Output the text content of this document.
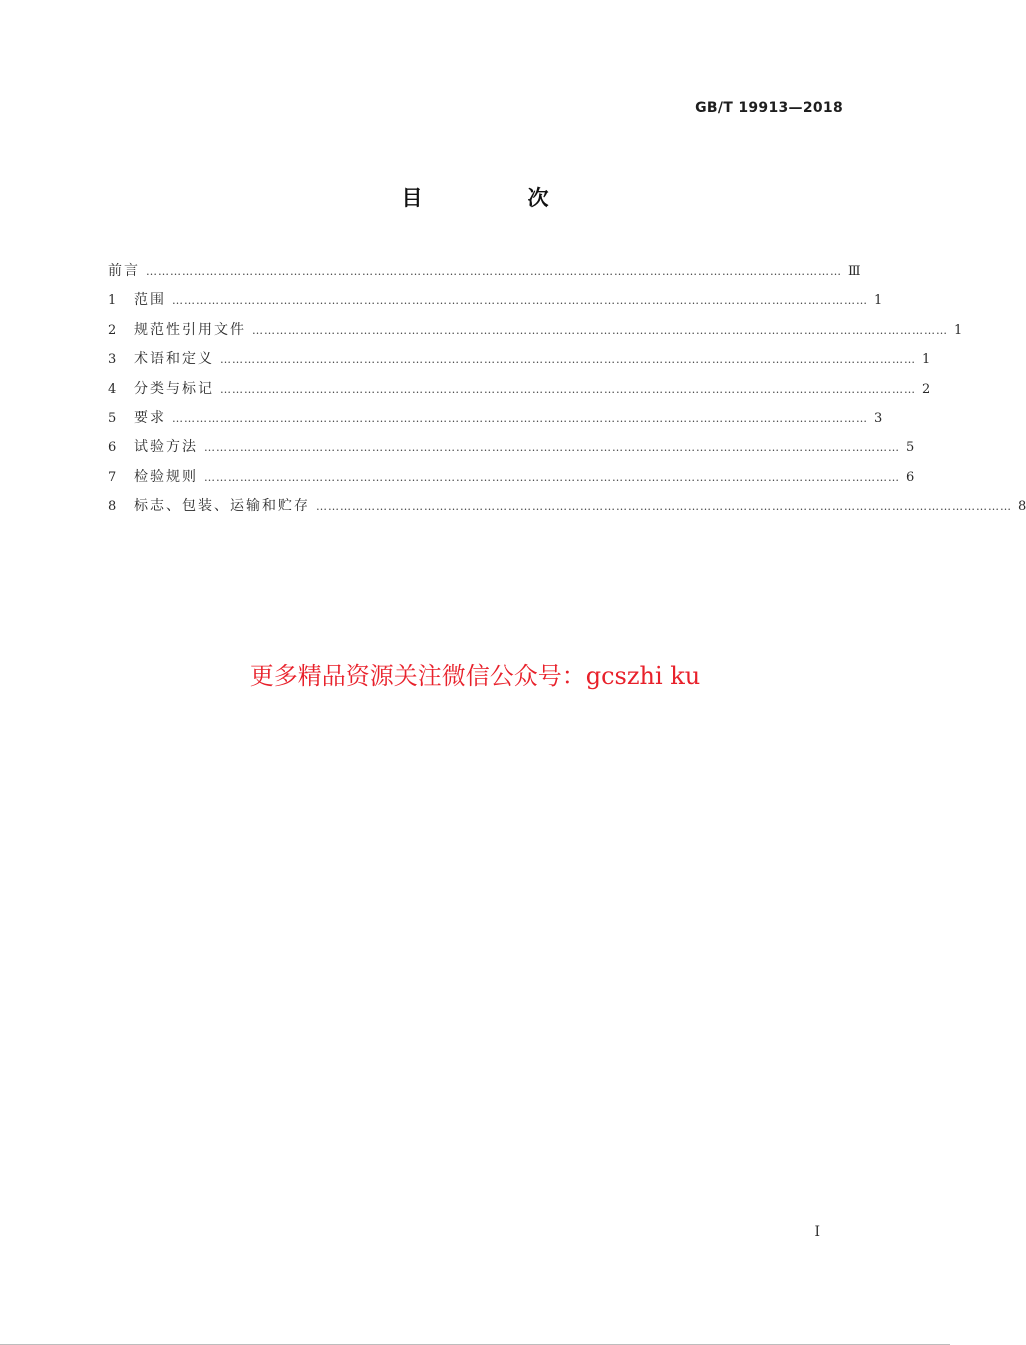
GB/T 19913—2018
目　次
前言 ………………………………………………………………………………………………………………………………………………………… Ⅲ
1	范围 ………………………………………………………………………………………………………………………………………………………… 1
2	规范性引用文件 ………………………………………………………………………………………………………………………………………………………… 1
3	术语和定义 ………………………………………………………………………………………………………………………………………………………… 1
4	分类与标记 ………………………………………………………………………………………………………………………………………………………… 2
5	要求 ………………………………………………………………………………………………………………………………………………………… 3
6	试验方法 ………………………………………………………………………………………………………………………………………………………… 5
7	检验规则 ………………………………………………………………………………………………………………………………………………………… 6
8	标志、包装、运输和贮存 ………………………………………………………………………………………………………………………………………………………… 8
更多精品资源关注微信公众号：gcszhi ku
I
